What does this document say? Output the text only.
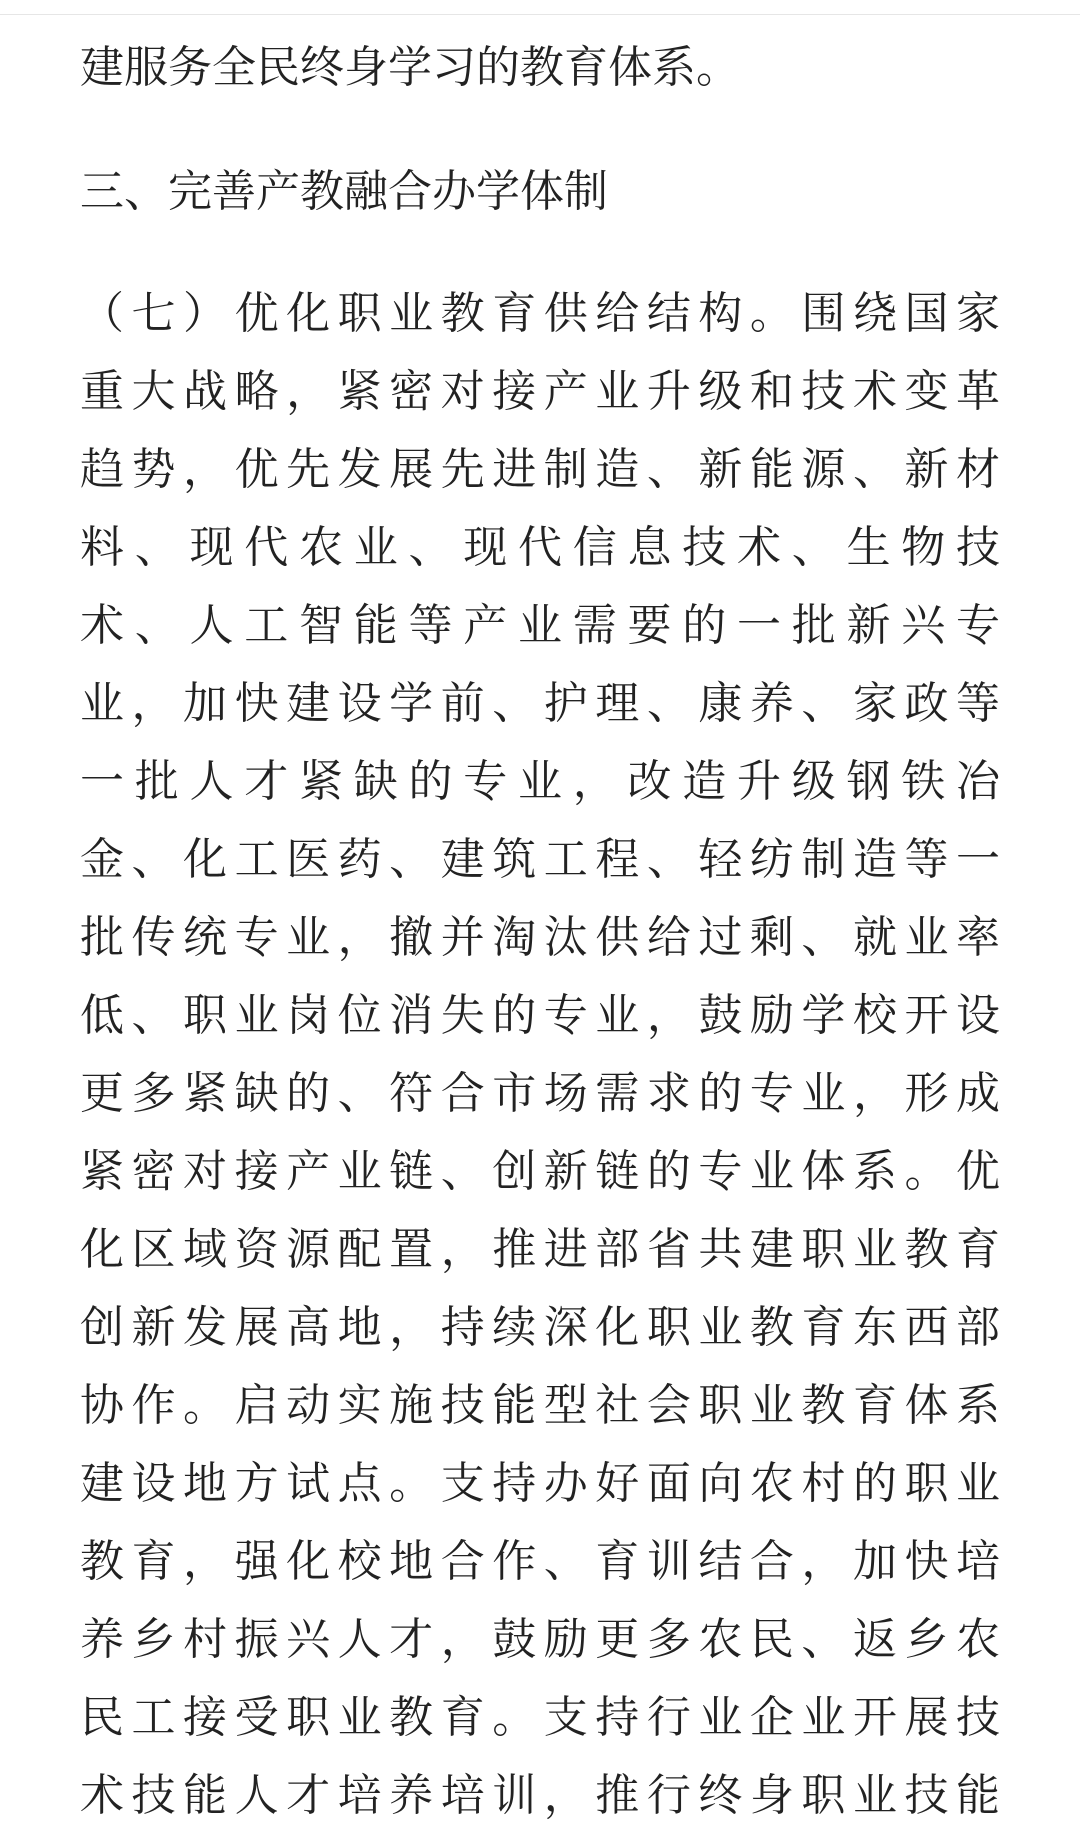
建服务全民终身学习的教育体系。
三、完善产教融合办学体制
（七）优化职业教育供给结构。围绕国家
重大战略，紧密对接产业升级和技术变革
趋势，优先发展先进制造、新能源、新材
料、现代农业、现代信息技术、生物技
术、人工智能等产业需要的一批新兴专
业，加快建设学前、护理、康养、家政等
一批人才紧缺的专业，改造升级钢铁冶
金、化工医药、建筑工程、轻纺制造等一
批传统专业，撤并淘汰供给过剩、就业率
低、职业岗位消失的专业，鼓励学校开设
更多紧缺的、符合市场需求的专业，形成
紧密对接产业链、创新链的专业体系。优
化区域资源配置，推进部省共建职业教育
创新发展高地，持续深化职业教育东西部
协作。启动实施技能型社会职业教育体系
建设地方试点。支持办好面向农村的职业
教育，强化校地合作、育训结合，加快培
养乡村振兴人才，鼓励更多农民、返乡农
民工接受职业教育。支持行业企业开展技
术技能人才培养培训，推行终身职业技能
